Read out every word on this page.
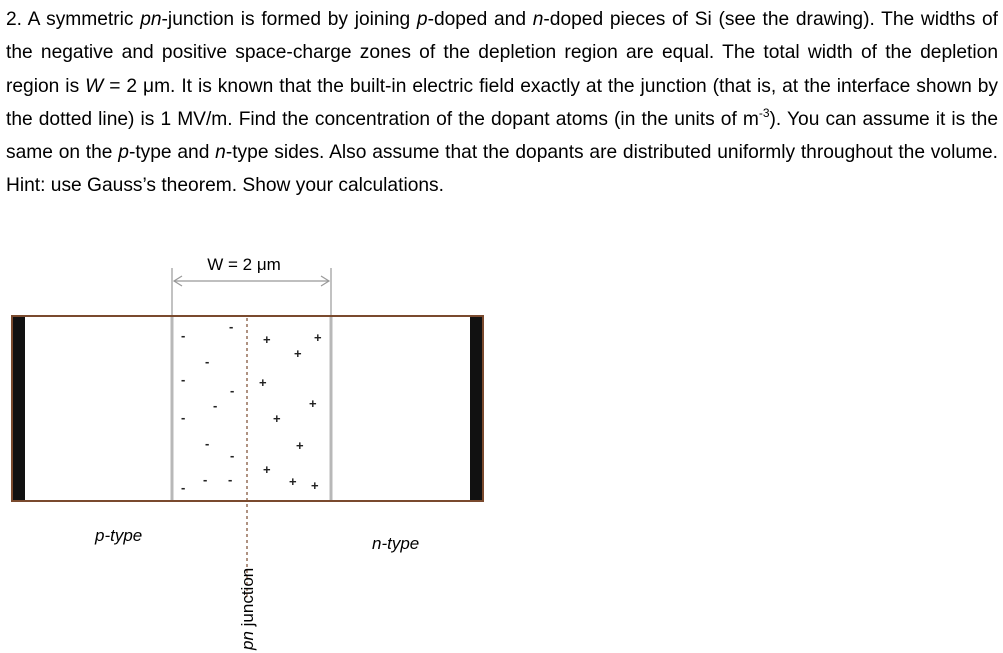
2. A symmetric pn-junction is formed by joining p-doped and n-doped pieces of Si (see the drawing). The widths of the negative and positive space-charge zones of the depletion region are equal. The total width of the depletion region is W = 2 μm. It is known that the built-in electric field exactly at the junction (that is, at the interface shown by the dotted line) is 1 MV/m. Find the concentration of the dopant atoms (in the units of $m^{-3}$). You can assume it is the same on the p-type and n-type sides. Also assume that the dopants are distributed uniformly throughout the volume. Hint: use Gauss’s theorem. Show your calculations.

W = 2 μm
-
-
-
-
-
-
-
-
-
-
-
-
+	+
+
+
+
+
+
+
+ +
p-type	n-type
pn junction
